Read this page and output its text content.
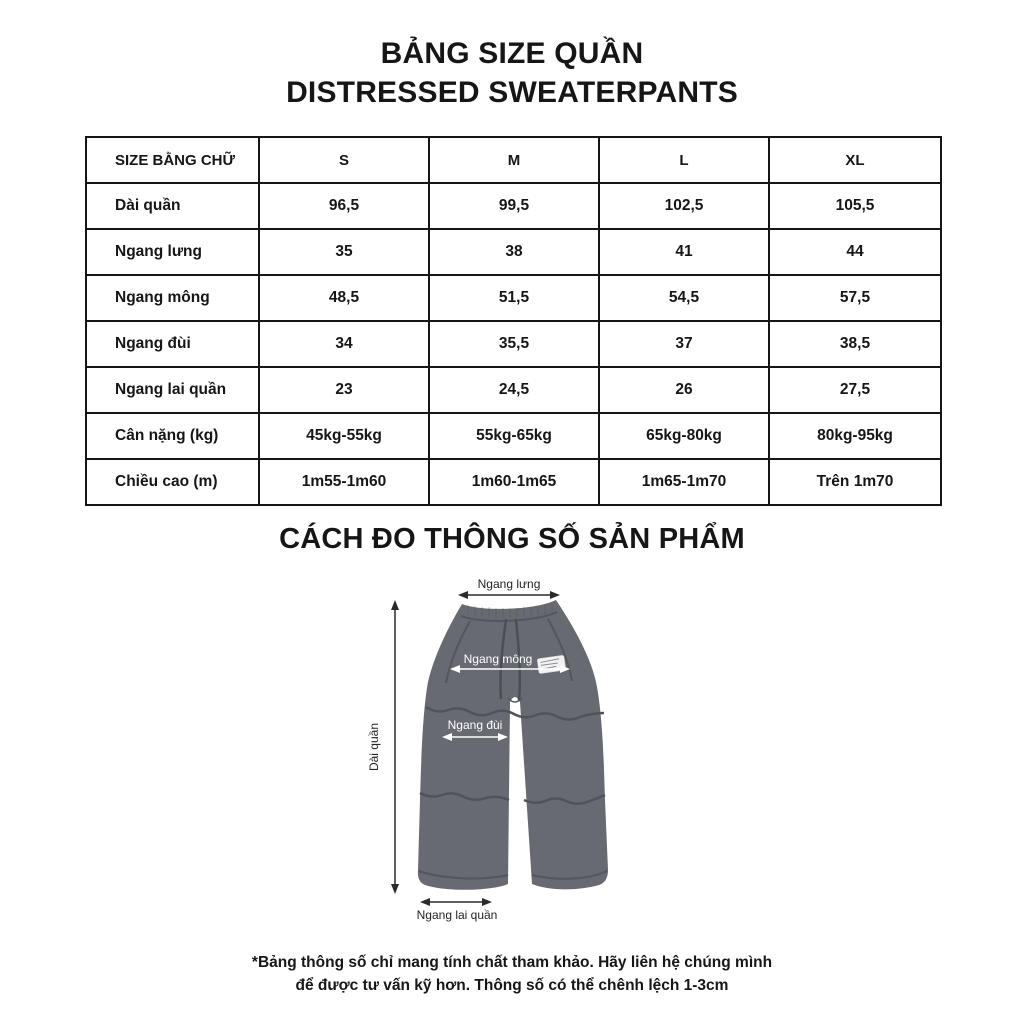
BẢNG SIZE QUẦN
DISTRESSED SWEATERPANTS
SIZE BẰNG CHỮ	S	M	L	XL
Dài quần	96,5	99,5	102,5	105,5
Ngang lưng	35	38	41	44
Ngang mông	48,5	51,5	54,5	57,5
Ngang đùi	34	35,5	37	38,5
Ngang lai quần	23	24,5	26	27,5
Cân nặng (kg)	45kg-55kg	55kg-65kg	65kg-80kg	80kg-95kg
Chiều cao (m)	1m55-1m60	1m60-1m65	1m65-1m70	Trên 1m70
CÁCH ĐO THÔNG SỐ SẢN PHẨM
Ngang lưng
Ngang mông
Ngang đùi
Dài quần
Ngang lai quần
*Bảng thông số chỉ mang tính chất tham khảo. Hãy liên hệ chúng mình
để được tư vấn kỹ hơn. Thông số có thể chênh lệch 1-3cm
